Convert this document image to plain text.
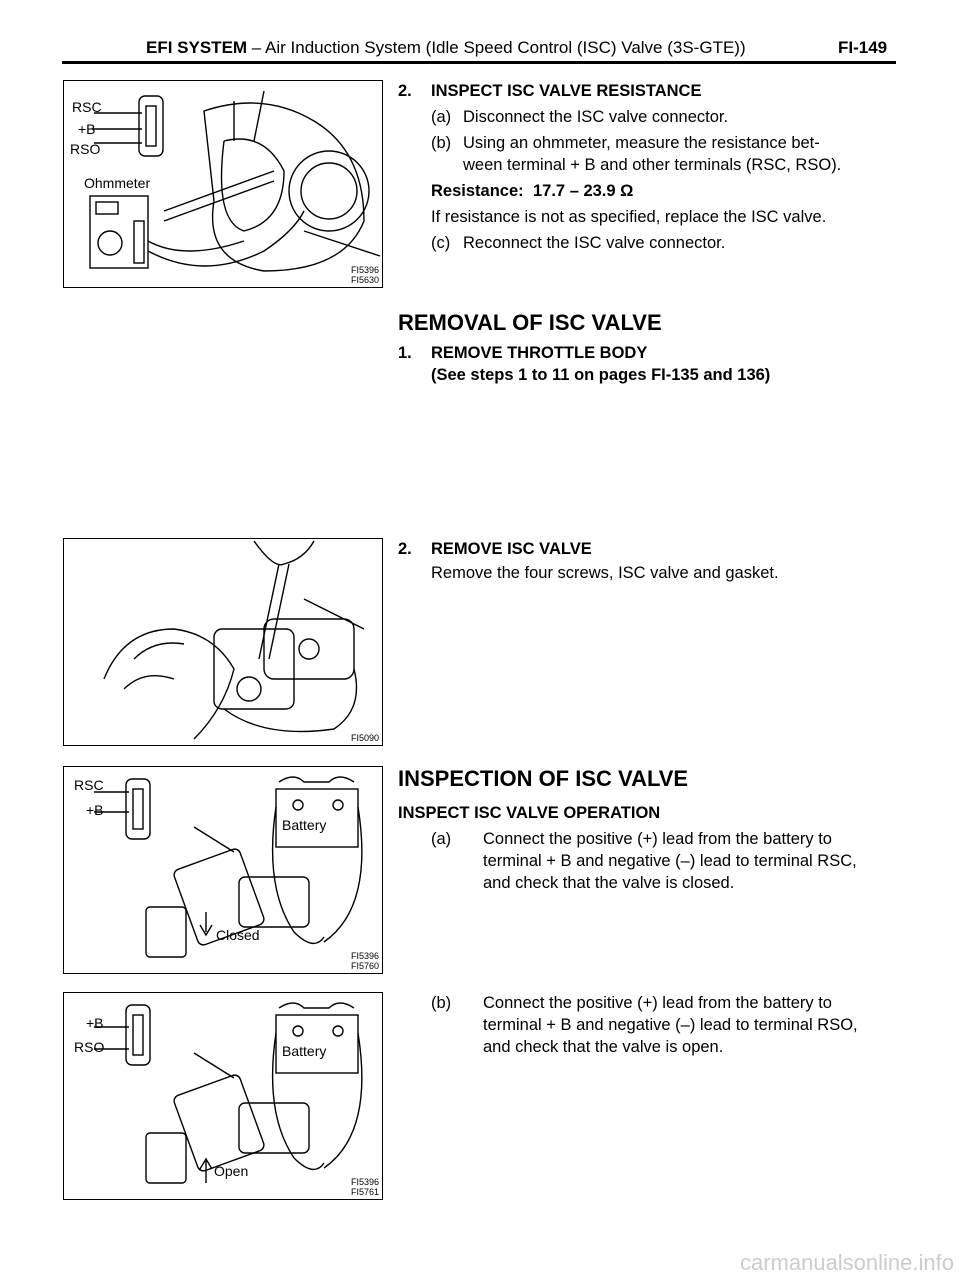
EFI SYSTEM – Air Induction System (Idle Speed Control (ISC) Valve (3S-GTE))	FI-149
RSC
+B
RSO
Ohmmeter
FI5396
FI5630
FI5090
RSC
+B
Battery
Closed
FI5396
FI5760
+B
RSO	Battery
Open
FI5396
FI5761
2. INSPECT ISC VALVE RESISTANCE
(a) Disconnect the ISC valve connector.
(b) Using an ohmmeter, measure the resistance bet-
ween terminal + B and other terminals (RSC, RSO).
Resistance: 17.7 – 23.9 Ω
If resistance is not as specified, replace the ISC valve.
(c) Reconnect the ISC valve connector.
REMOVAL OF ISC VALVE
1. REMOVE THROTTLE BODY
(See steps 1 to 11 on pages FI-135 and 136)
2. REMOVE ISC VALVE
Remove the four screws, ISC valve and gasket.
INSPECTION OF ISC VALVE
INSPECT ISC VALVE OPERATION
(a) Connect the positive (+) lead from the battery to
terminal + B and negative (–) lead to terminal RSC,
and check that the valve is closed.
(b) Connect the positive (+) lead from the battery to
terminal + B and negative (–) lead to terminal RSO,
and check that the valve is open.
carmanualsonline.info
